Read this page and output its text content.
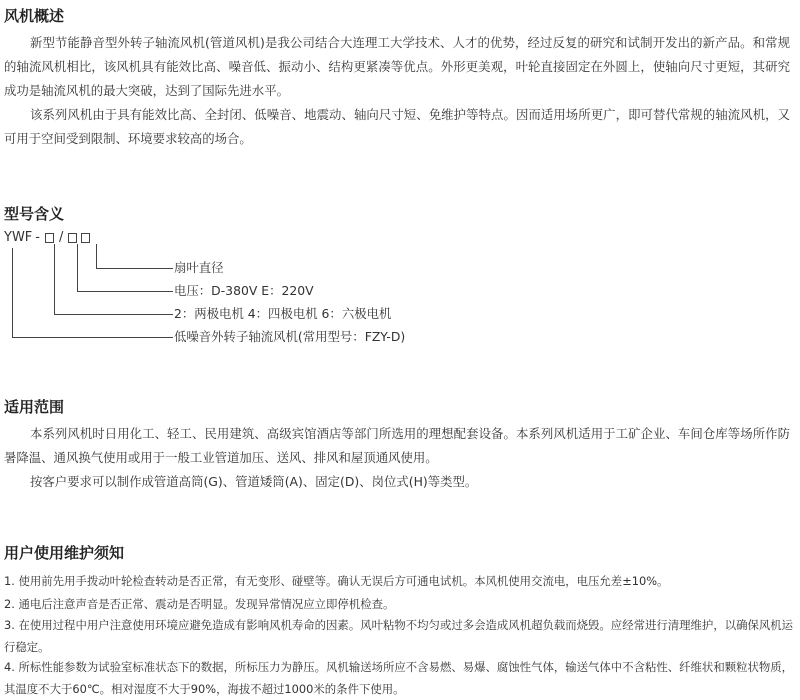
风机概述

新型节能静音型外转子轴流风机(管道风机)是我公司结合大连理工大学技术、人才的优势，经过反复的研究和试制开发出的新产品。和常规的轴流风机相比，该风机具有能效比高、噪音低、振动小、结构更紧凑等优点。外形更美观，叶轮直接固定在外圆上，使轴向尺寸更短，其研究成功是轴流风机的最大突破，达到了国际先进水平。

该系列风机由于具有能效比高、全封闭、低噪音、地震动、轴向尺寸短、免维护等特点。因而适用场所更广，即可替代常规的轴流风机，又可用于空间受到限制、环境要求较高的场合。

型号含义
YWF - /
扇叶直径
电压：D-380V E：220V
2：两极电机 4：四极电机 6：六极电机
低噪音外转子轴流风机(常用型号：FZY-D)
适用范围

本系列风机时日用化工、轻工、民用建筑、高级宾馆酒店等部门所选用的理想配套设备。本系列风机适用于工矿企业、车间仓库等场所作防暑降温、通风换气使用或用于一般工业管道加压、送风、排风和屋顶通风使用。

按客户要求可以制作成管道高筒(G)、管道矮筒(A)、固定(D)、岗位式(H)等类型。

用户使用维护须知

1. 使用前先用手拨动叶轮检查转动是否正常，有无变形、碰壁等。确认无误后方可通电试机。本风机使用交流电，电压允差±10%。

2. 通电后注意声音是否正常、震动是否明显。发现异常情况应立即停机检查。

3. 在使用过程中用户注意使用环境应避免造成有影响风机寿命的因素。风叶粘物不均匀或过多会造成风机超负载而烧毁。应经常进行清理维护，以确保风机运行稳定。

4. 所标性能参数为试验室标准状态下的数据，所标压力为静压。风机输送场所应不含易燃、易爆、腐蚀性气体，输送气体中不含粘性、纤维状和颗粒状物质，其温度不大于60℃。相对湿度不大于90%，海拔不超过1000米的条件下使用。
